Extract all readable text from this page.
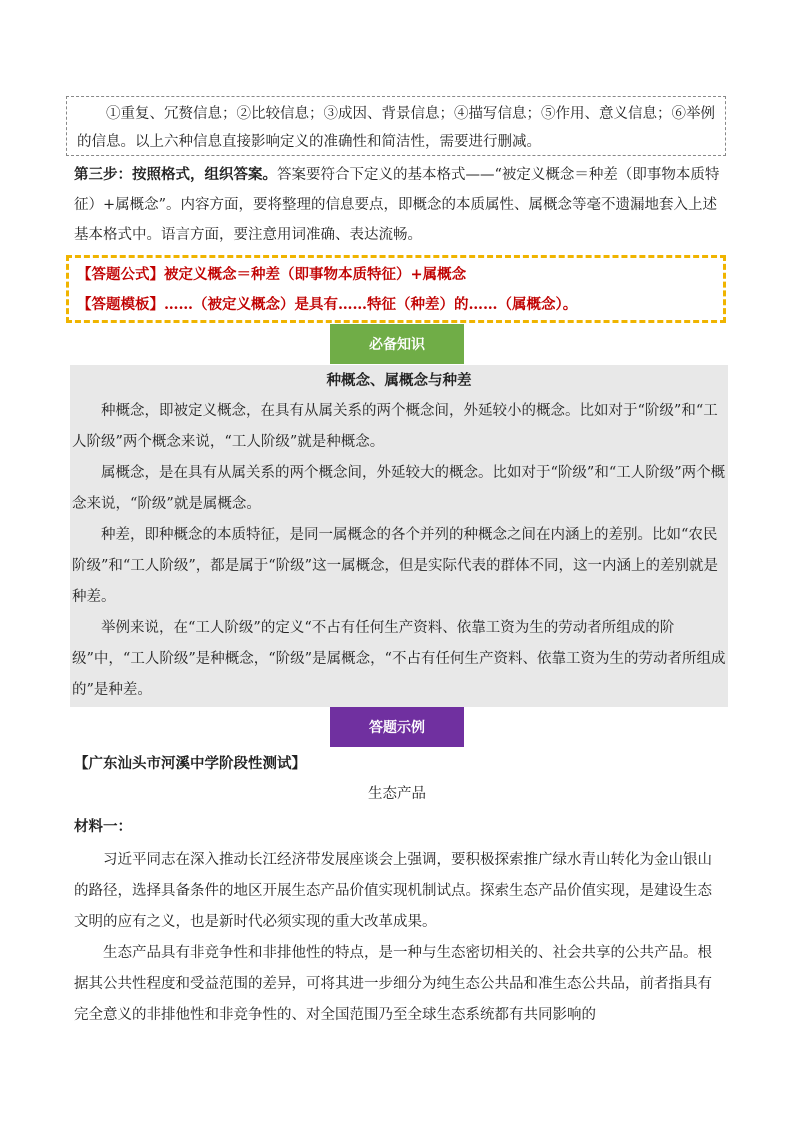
①重复、冗赘信息；②比较信息；③成因、背景信息；④描写信息；⑤作用、意义信息；⑥举例的信息。以上六种信息直接影响定义的准确性和简洁性，需要进行删减。

第三步：按照格式，组织答案。答案要符合下定义的基本格式——“被定义概念＝种差（即事物本质特征）+属概念”。内容方面，要将整理的信息要点，即概念的本质属性、属概念等毫不遗漏地套入上述基本格式中。语言方面，要注意用词准确、表达流畅。

【答题公式】被定义概念＝种差（即事物本质特征）+属概念
【答题模板】……（被定义概念）是具有……特征（种差）的……（属概念）。
必备知识

种概念、属概念与种差

种概念，即被定义概念，在具有从属关系的两个概念间，外延较小的概念。比如对于“阶级”和“工人阶级”两个概念来说，“工人阶级”就是种概念。

属概念，是在具有从属关系的两个概念间，外延较大的概念。比如对于“阶级”和“工人阶级”两个概念来说，“阶级”就是属概念。

种差，即种概念的本质特征，是同一属概念的各个并列的种概念之间在内涵上的差别。比如“农民阶级”和“工人阶级”，都是属于“阶级”这一属概念，但是实际代表的群体不同，这一内涵上的差别就是种差。

举例来说，在“工人阶级”的定义“不占有任何生产资料、依靠工资为生的劳动者所组成的阶级”中，“工人阶级”是种概念，“阶级”是属概念，“不占有任何生产资料、依靠工资为生的劳动者所组成的”是种差。

答题示例
【广东汕头市河溪中学阶段性测试】
生态产品
材料一：

习近平同志在深入推动长江经济带发展座谈会上强调，要积极探索推广绿水青山转化为金山银山的路径，选择具备条件的地区开展生态产品价值实现机制试点。探索生态产品价值实现，是建设生态文明的应有之义，也是新时代必须实现的重大改革成果。

生态产品具有非竞争性和非排他性的特点，是一种与生态密切相关的、社会共享的公共产品。根据其公共性程度和受益范围的差异，可将其进一步细分为纯生态公共品和准生态公共品，前者指具有完全意义的非排他性和非竞争性的、对全国范围乃至全球生态系统都有共同影响的
